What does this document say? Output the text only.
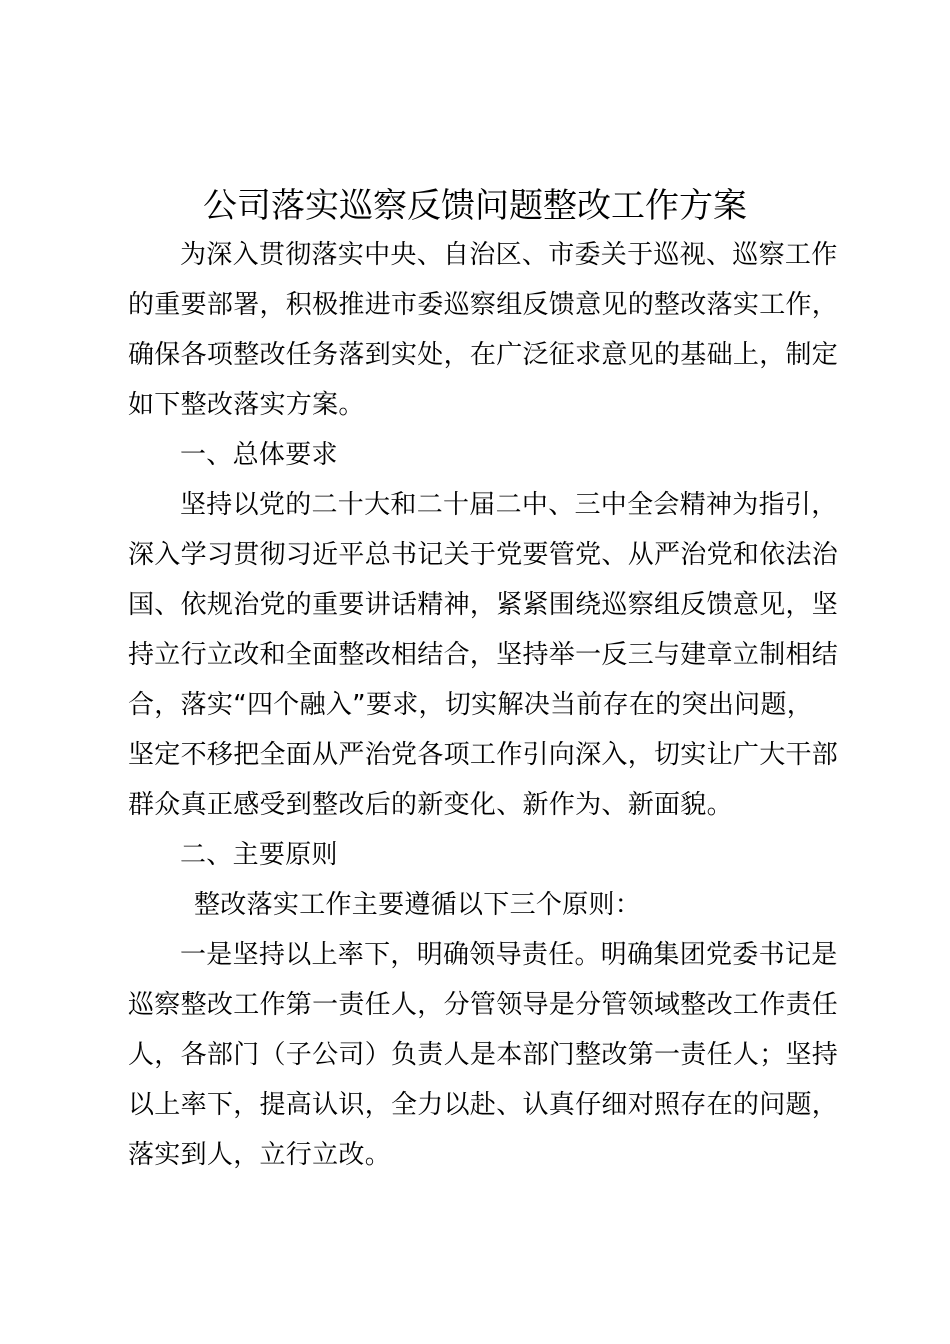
公司落实巡察反馈问题整改工作方案
为深入贯彻落实中央、自治区、市委关于巡视、巡察工作
的重要部署，积极推进市委巡察组反馈意见的整改落实工作，
确保各项整改任务落到实处，在广泛征求意见的基础上，制定
如下整改落实方案。
一、总体要求
坚持以党的二十大和二十届二中、三中全会精神为指引，
深入学习贯彻习近平总书记关于党要管党、从严治党和依法治
国、依规治党的重要讲话精神，紧紧围绕巡察组反馈意见，坚
持立行立改和全面整改相结合，坚持举一反三与建章立制相结
合，落实“四个融入”要求，切实解决当前存在的突出问题，
坚定不移把全面从严治党各项工作引向深入，切实让广大干部
群众真正感受到整改后的新变化、新作为、新面貌。
二、主要原则
整改落实工作主要遵循以下三个原则：
一是坚持以上率下，明确领导责任。明确集团党委书记是
巡察整改工作第一责任人，分管领导是分管领域整改工作责任
人，各部门（子公司）负责人是本部门整改第一责任人；坚持
以上率下，提高认识，全力以赴、认真仔细对照存在的问题，
落实到人，立行立改。
